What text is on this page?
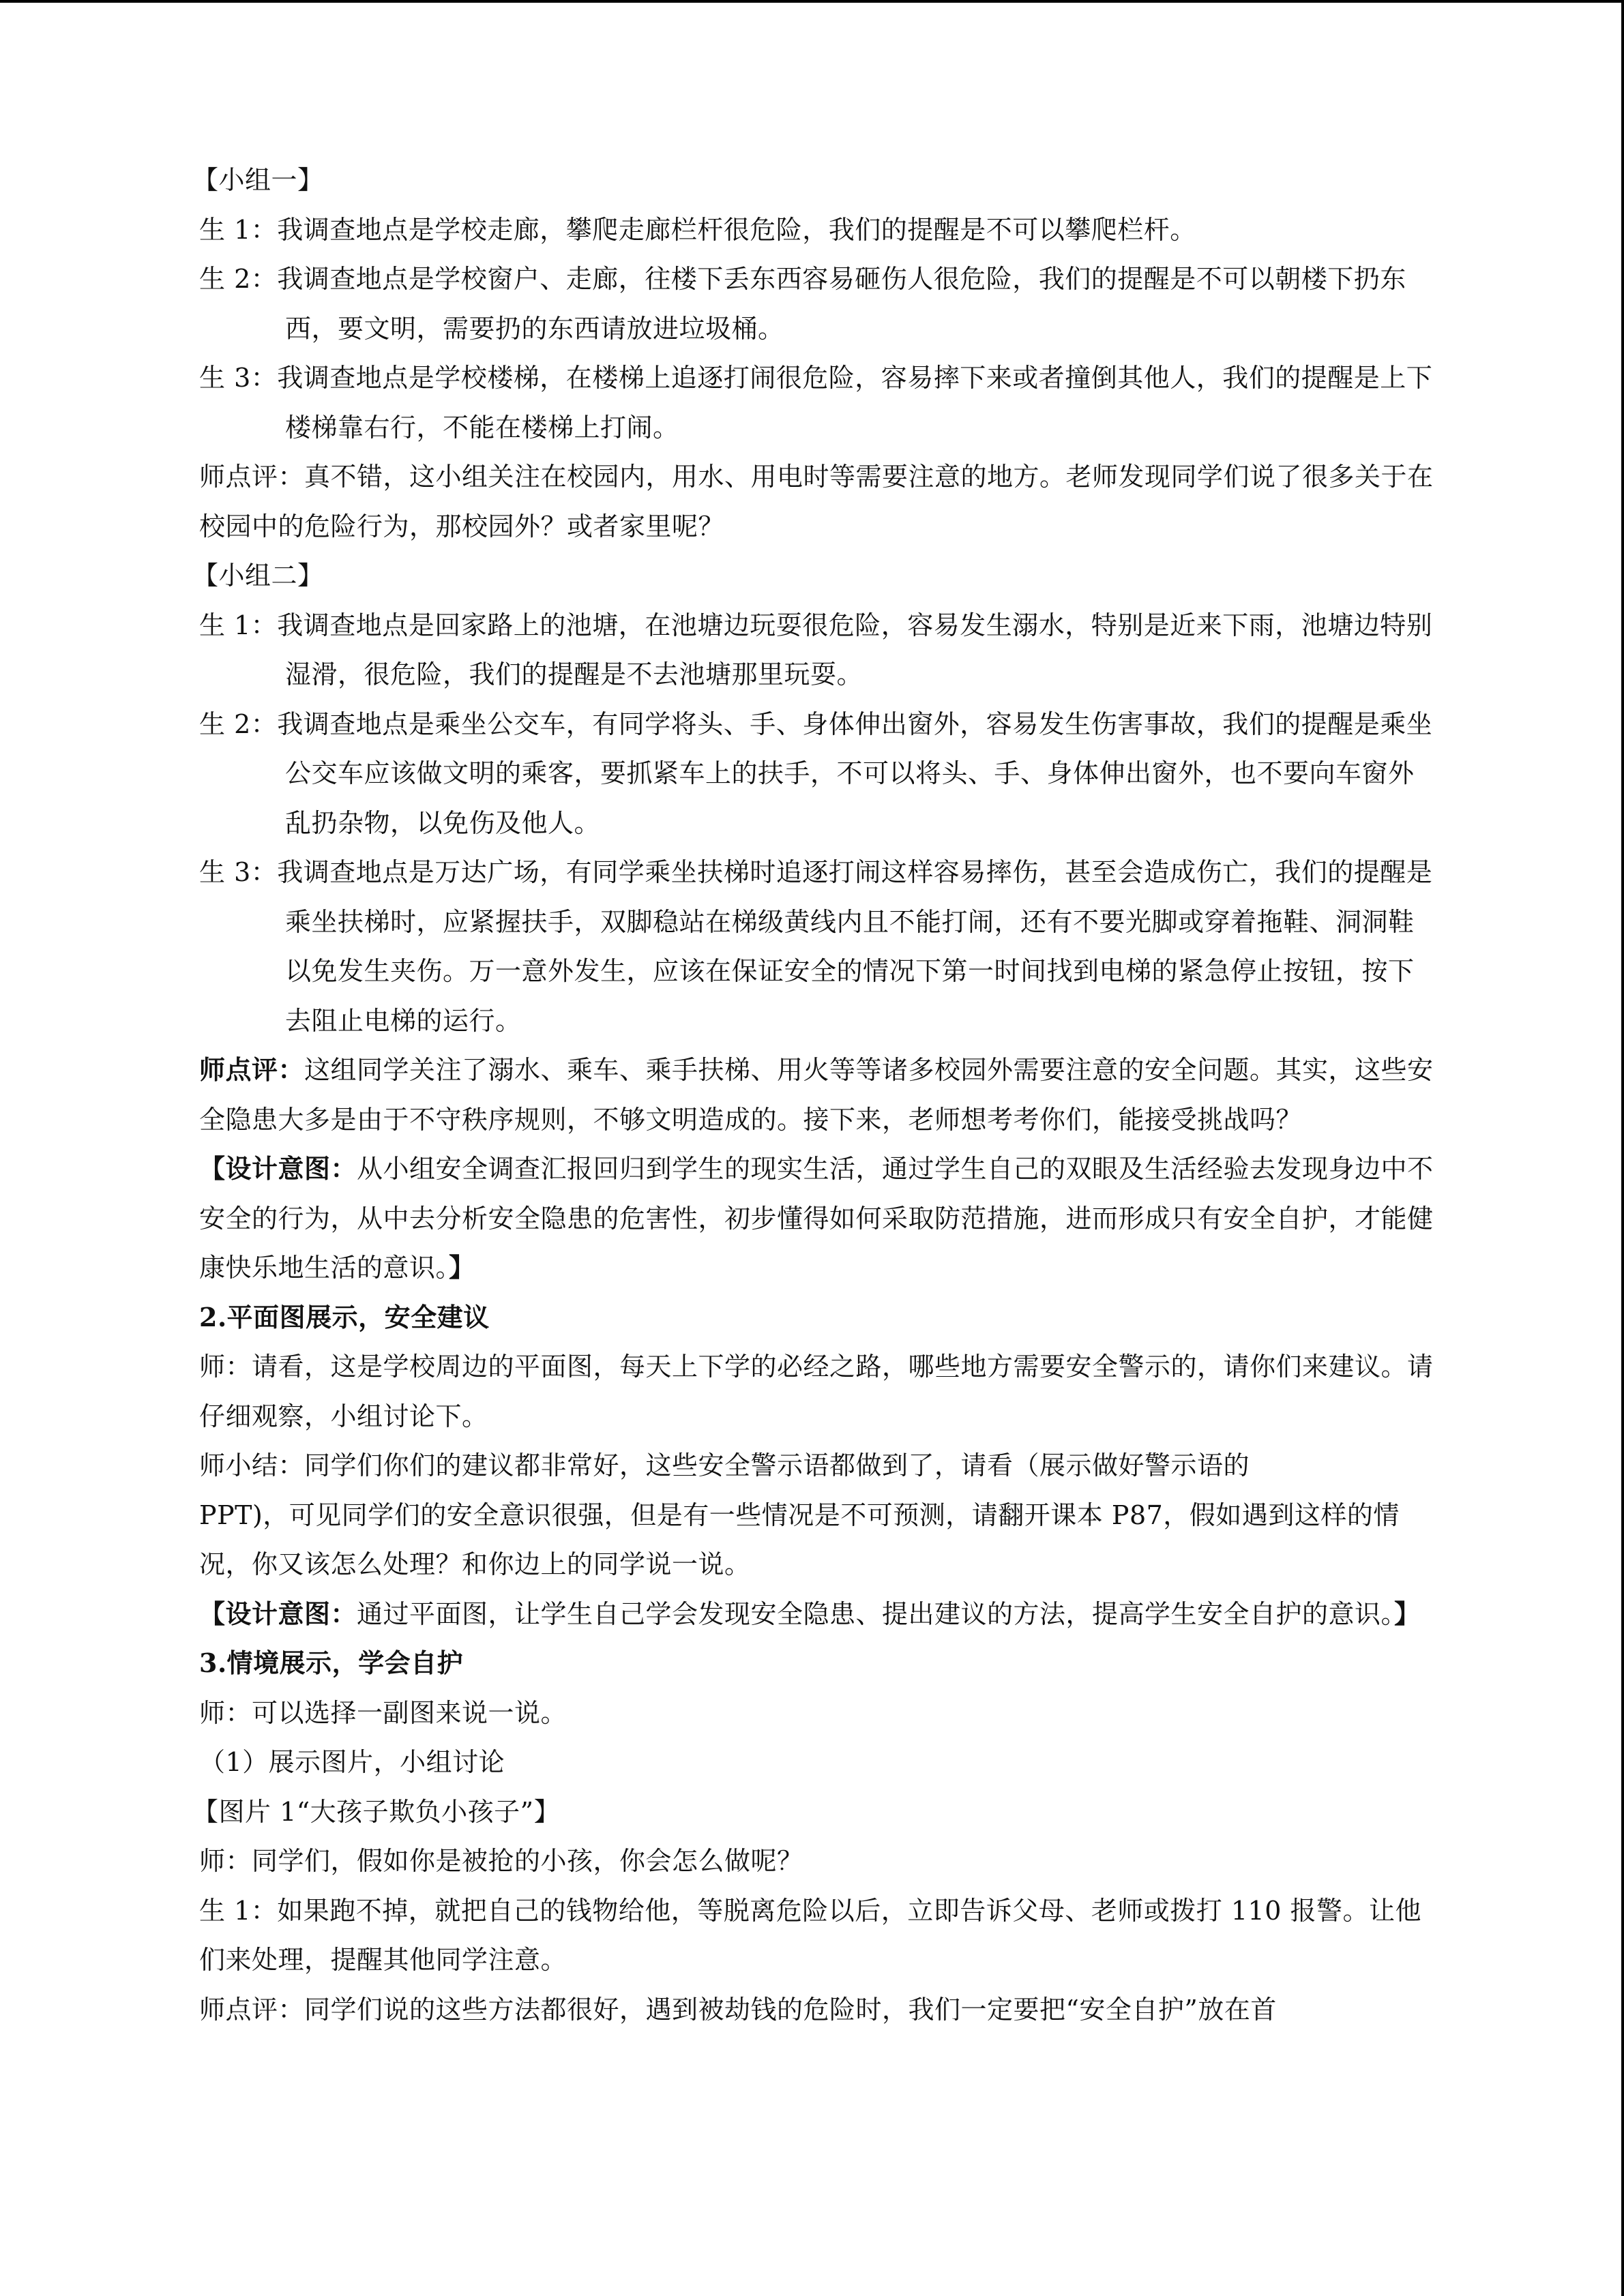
【小组一】

生 1：我调查地点是学校走廊，攀爬走廊栏杆很危险，我们的提醒是不可以攀爬栏杆。

生 2：我调查地点是学校窗户、走廊，往楼下丢东西容易砸伤人很危险，我们的提醒是不可以朝楼下扔东西，要文明，需要扔的东西请放进垃圾桶。

生 3：我调查地点是学校楼梯，在楼梯上追逐打闹很危险，容易摔下来或者撞倒其他人，我们的提醒是上下楼梯靠右行，不能在楼梯上打闹。

师点评：真不错，这小组关注在校园内，用水、用电时等需要注意的地方。老师发现同学们说了很多关于在校园中的危险行为，那校园外？或者家里呢？

【小组二】

生 1：我调查地点是回家路上的池塘，在池塘边玩耍很危险，容易发生溺水，特别是近来下雨，池塘边特别湿滑，很危险，我们的提醒是不去池塘那里玩耍。

生 2：我调查地点是乘坐公交车，有同学将头、手、身体伸出窗外，容易发生伤害事故，我们的提醒是乘坐公交车应该做文明的乘客，要抓紧车上的扶手，不可以将头、手、身体伸出窗外，也不要向车窗外乱扔杂物，以免伤及他人。

生 3：我调查地点是万达广场，有同学乘坐扶梯时追逐打闹这样容易摔伤，甚至会造成伤亡，我们的提醒是乘坐扶梯时，应紧握扶手，双脚稳站在梯级黄线内且不能打闹，还有不要光脚或穿着拖鞋、洞洞鞋以免发生夹伤。万一意外发生，应该在保证安全的情况下第一时间找到电梯的紧急停止按钮，按下去阻止电梯的运行。

师点评：这组同学关注了溺水、乘车、乘手扶梯、用火等等诸多校园外需要注意的安全问题。其实，这些安全隐患大多是由于不守秩序规则，不够文明造成的。接下来，老师想考考你们，能接受挑战吗？

【设计意图：从小组安全调查汇报回归到学生的现实生活，通过学生自己的双眼及生活经验去发现身边中不安全的行为，从中去分析安全隐患的危害性，初步懂得如何采取防范措施，进而形成只有安全自护，才能健康快乐地生活的意识。】

2.平面图展示，安全建议

师：请看，这是学校周边的平面图，每天上下学的必经之路，哪些地方需要安全警示的，请你们来建议。请仔细观察，小组讨论下。

师小结：同学们你们的建议都非常好，这些安全警示语都做到了，请看（展示做好警示语的

PPT)，可见同学们的安全意识很强，但是有一些情况是不可预测，请翻开课本 P87，假如遇到这样的情况，你又该怎么处理？和你边上的同学说一说。

【设计意图：通过平面图，让学生自己学会发现安全隐患、提出建议的方法，提高学生安全自护的意识。】

3.情境展示，学会自护

师：可以选择一副图来说一说。

（1）展示图片，小组讨论

【图片 1“大孩子欺负小孩子”】

师：同学们，假如你是被抢的小孩，你会怎么做呢？

生 1：如果跑不掉，就把自己的钱物给他，等脱离危险以后，立即告诉父母、老师或拨打 110 报警。让他们来处理，提醒其他同学注意。

师点评：同学们说的这些方法都很好，遇到被劫钱的危险时，我们一定要把“安全自护”放在首
